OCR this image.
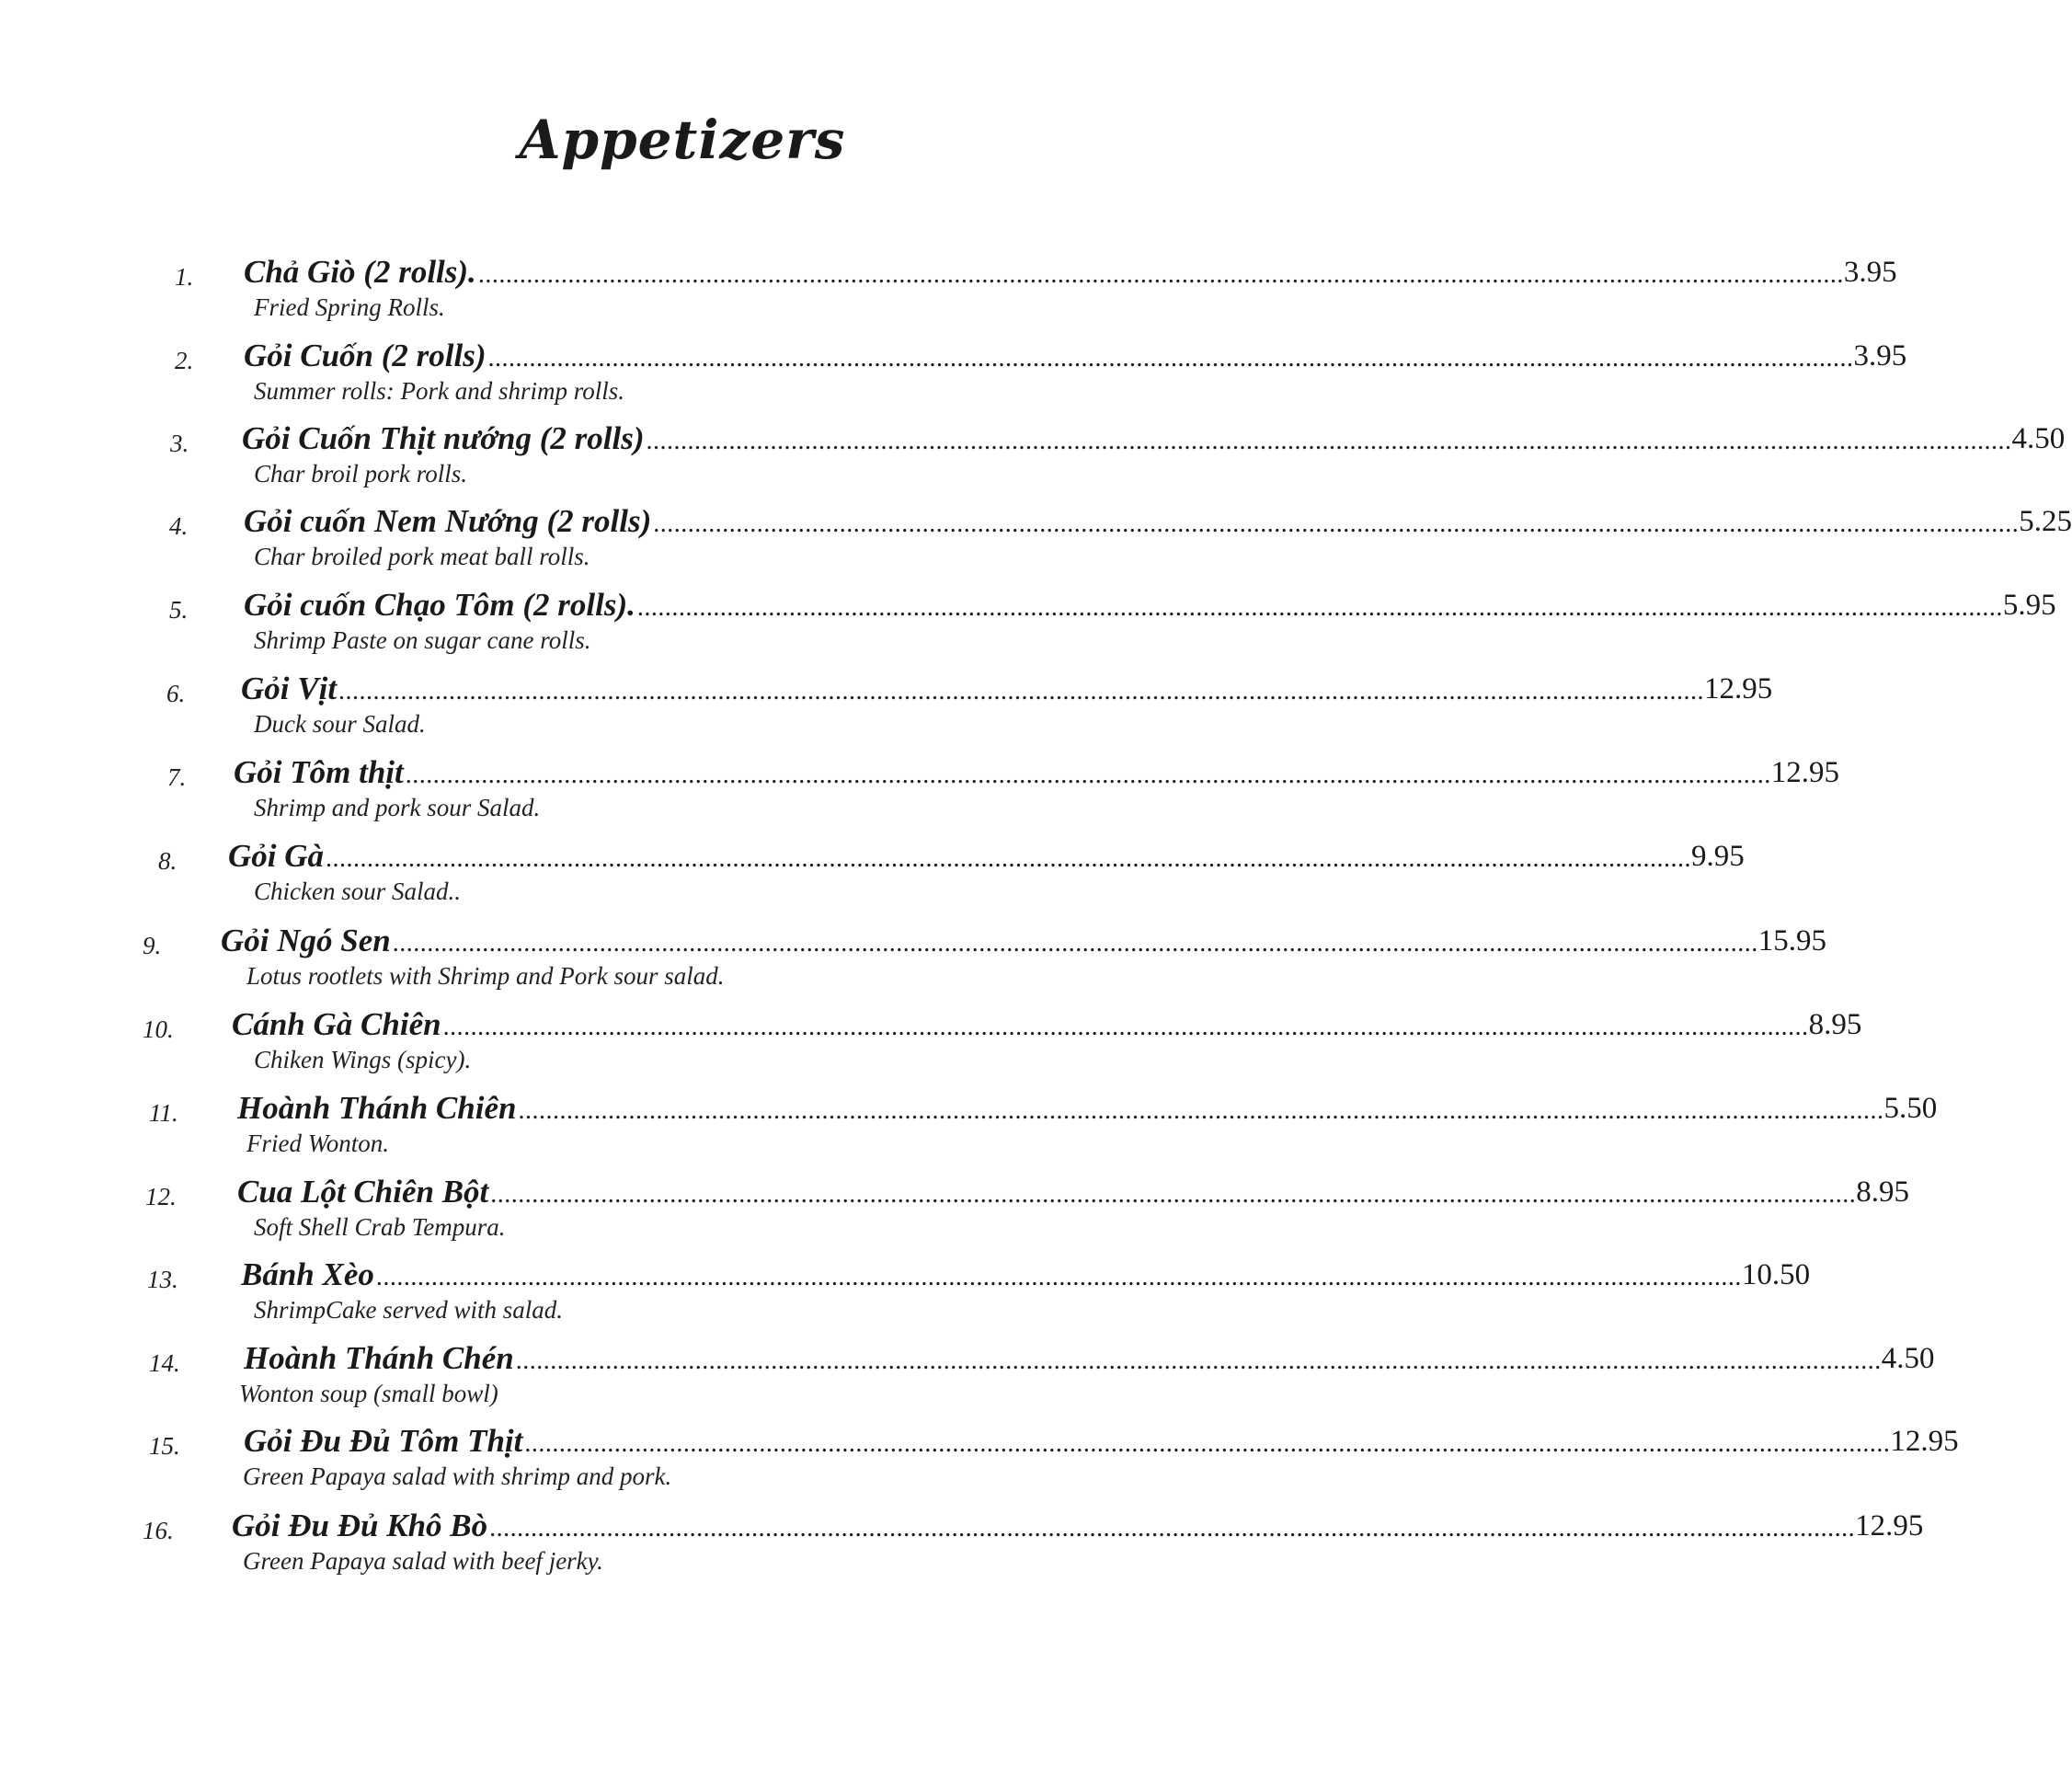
Appetizers
1. Chả Giò (2 rolls). ...................................................................................................................................................................................................... 3.95
Fried Spring Rolls.
2. Gỏi Cuốn (2 rolls) ...................................................................................................................................................................................................... 3.95
Summer rolls: Pork and shrimp rolls.
3. Gỏi Cuốn Thịt nướng (2 rolls) ...................................................................................................................................................................................................... 4.50
Char broil pork rolls.
4. Gỏi cuốn Nem Nướng (2 rolls) ...................................................................................................................................................................................................... 5.25
Char broiled pork meat ball rolls.
5. Gỏi cuốn Chạo Tôm (2 rolls). ...................................................................................................................................................................................................... 5.95
Shrimp Paste on sugar cane rolls.
6. Gỏi Vịt ...................................................................................................................................................................................................... 12.95
Duck sour Salad.
7. Gỏi Tôm thịt ...................................................................................................................................................................................................... 12.95
Shrimp and pork sour Salad.
8. Gỏi Gà ...................................................................................................................................................................................................... 9.95
Chicken sour Salad..
9. Gỏi Ngó Sen ...................................................................................................................................................................................................... 15.95
Lotus rootlets with Shrimp and Pork sour salad.
10. Cánh Gà Chiên ...................................................................................................................................................................................................... 8.95
Chiken Wings (spicy).
11. Hoành Thánh Chiên ...................................................................................................................................................................................................... 5.50
Fried Wonton.
12. Cua Lột Chiên Bột ...................................................................................................................................................................................................... 8.95
Soft Shell Crab Tempura.
13. Bánh Xèo ...................................................................................................................................................................................................... 10.50
ShrimpCake served with salad.
14. Hoành Thánh Chén ...................................................................................................................................................................................................... 4.50
Wonton soup (small bowl)
15. Gỏi Đu Đủ Tôm Thịt ...................................................................................................................................................................................................... 12.95
Green Papaya salad with shrimp and pork.
16. Gỏi Đu Đủ Khô Bò ...................................................................................................................................................................................................... 12.95
Green Papaya salad with beef jerky.
